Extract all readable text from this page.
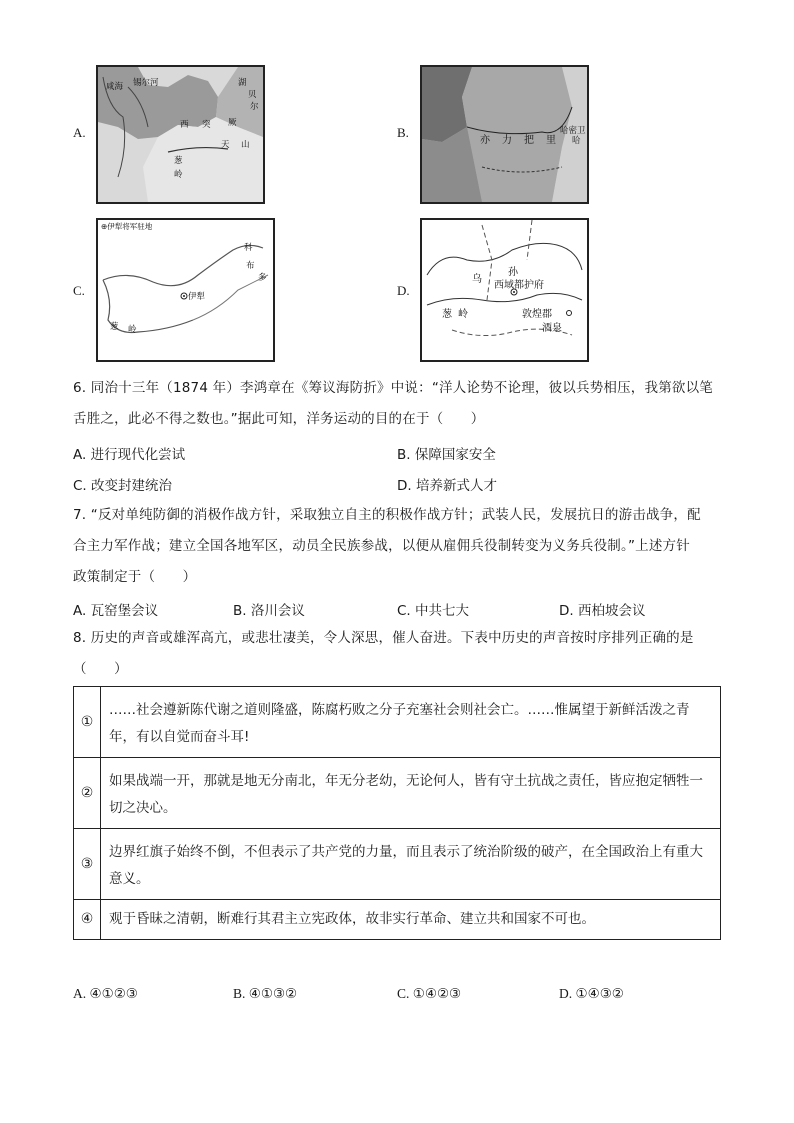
A.	B.
C.	D.
咸海 锡尔河
西 突 厥
天 山
葱
岭
贝
尔
湖
亦 力 把 里
哈密卫
哈
⊕伊犁将军驻地
科
布
多
伊犁
葱 岭
乌
孙
西域都护府
葱 岭	敦煌郡
酒泉
6. 同治十三年（1874 年）李鸿章在《筹议海防折》中说：“洋人论势不论理，彼以兵势相压，我第欲以笔
舌胜之，此必不得之数也。”据此可知，洋务运动的目的在于（　　）
A. 进行现代化尝试	B. 保障国家安全
C. 改变封建统治	D. 培养新式人才
7. “反对单纯防御的消极作战方针，采取独立自主的积极作战方针；武装人民，发展抗日的游击战争，配
合主力军作战；建立全国各地军区，动员全民族参战，以便从雇佣兵役制转变为义务兵役制。”上述方针
政策制定于（　　）
A. 瓦窑堡会议	B. 洛川会议	C. 中共七大	D. 西柏坡会议
8. 历史的声音或雄浑高亢，或悲壮凄美，令人深思，催人奋进。下表中历史的声音按时序排列正确的是
（　　）
①	……社会遵新陈代谢之道则隆盛，陈腐朽败之分子充塞社会则社会亡。……惟属望于新鲜活泼之青年，有以自觉而奋斗耳!
②	如果战端一开，那就是地无分南北，年无分老幼，无论何人，皆有守土抗战之责任，皆应抱定牺牲一切之决心。
③	边界红旗子始终不倒，不但表示了共产党的力量，而且表示了统治阶级的破产，在全国政治上有重大意义。
④	观于昏昧之清朝，断难行其君主立宪政体，故非实行革命、建立共和国家不可也。
A. ④①②③	B. ④①③②	C. ①④②③	D. ①④③②
